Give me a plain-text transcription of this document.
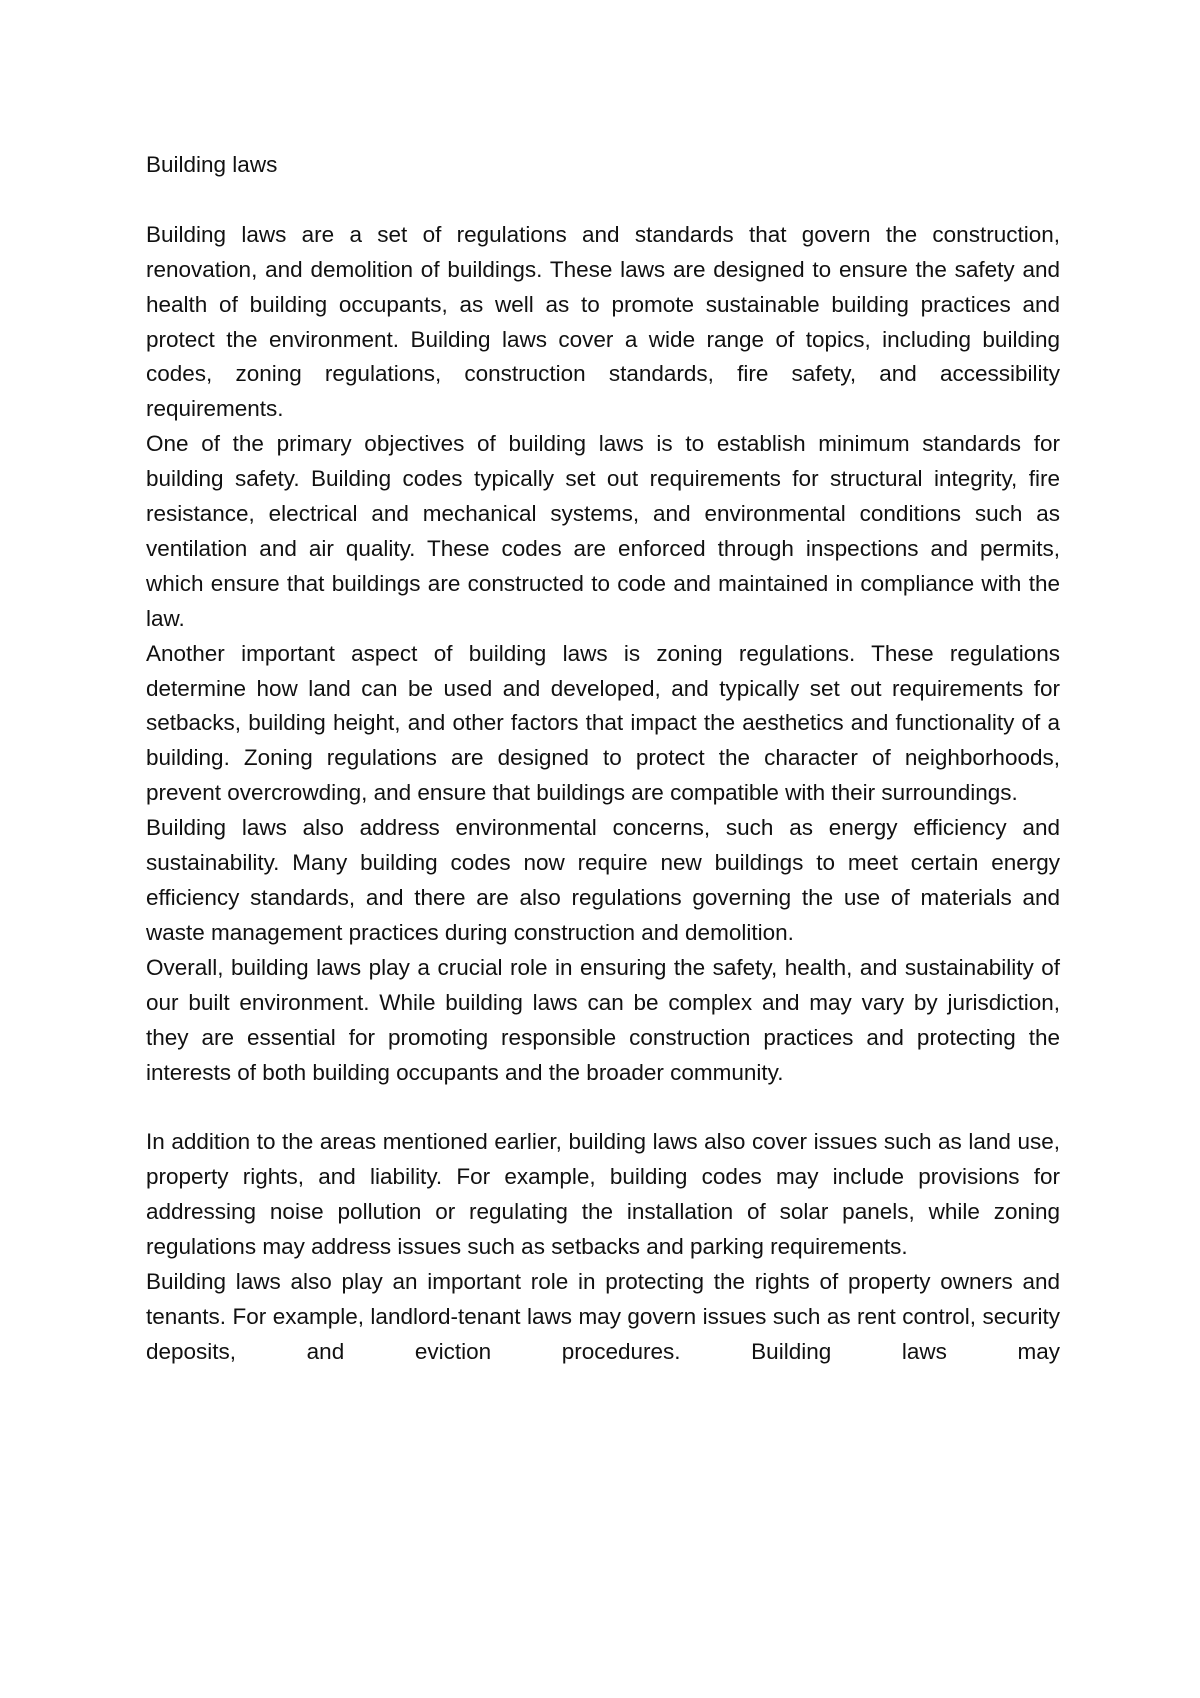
Building laws

Building laws are a set of regulations and standards that govern the construction, renovation, and demolition of buildings. These laws are designed to ensure the safety and health of building occupants, as well as to promote sustainable building practices and protect the environment. Building laws cover a wide range of topics, including building codes, zoning regulations, construction standards, fire safety, and accessibility requirements.

One of the primary objectives of building laws is to establish minimum standards for building safety. Building codes typically set out requirements for structural integrity, fire resistance, electrical and mechanical systems, and environmental conditions such as ventilation and air quality. These codes are enforced through inspections and permits, which ensure that buildings are constructed to code and maintained in compliance with the law.

Another important aspect of building laws is zoning regulations. These regulations determine how land can be used and developed, and typically set out requirements for setbacks, building height, and other factors that impact the aesthetics and functionality of a building. Zoning regulations are designed to protect the character of neighborhoods, prevent overcrowding, and ensure that buildings are compatible with their surroundings.

Building laws also address environmental concerns, such as energy efficiency and sustainability. Many building codes now require new buildings to meet certain energy efficiency standards, and there are also regulations governing the use of materials and waste management practices during construction and demolition.

Overall, building laws play a crucial role in ensuring the safety, health, and sustainability of our built environment. While building laws can be complex and may vary by jurisdiction, they are essential for promoting responsible construction practices and protecting the interests of both building occupants and the broader community.

In addition to the areas mentioned earlier, building laws also cover issues such as land use, property rights, and liability. For example, building codes may include provisions for addressing noise pollution or regulating the installation of solar panels, while zoning regulations may address issues such as setbacks and parking requirements.

Building laws also play an important role in protecting the rights of property owners and tenants. For example, landlord-tenant laws may govern issues such as rent control, security deposits, and eviction procedures. Building laws may
